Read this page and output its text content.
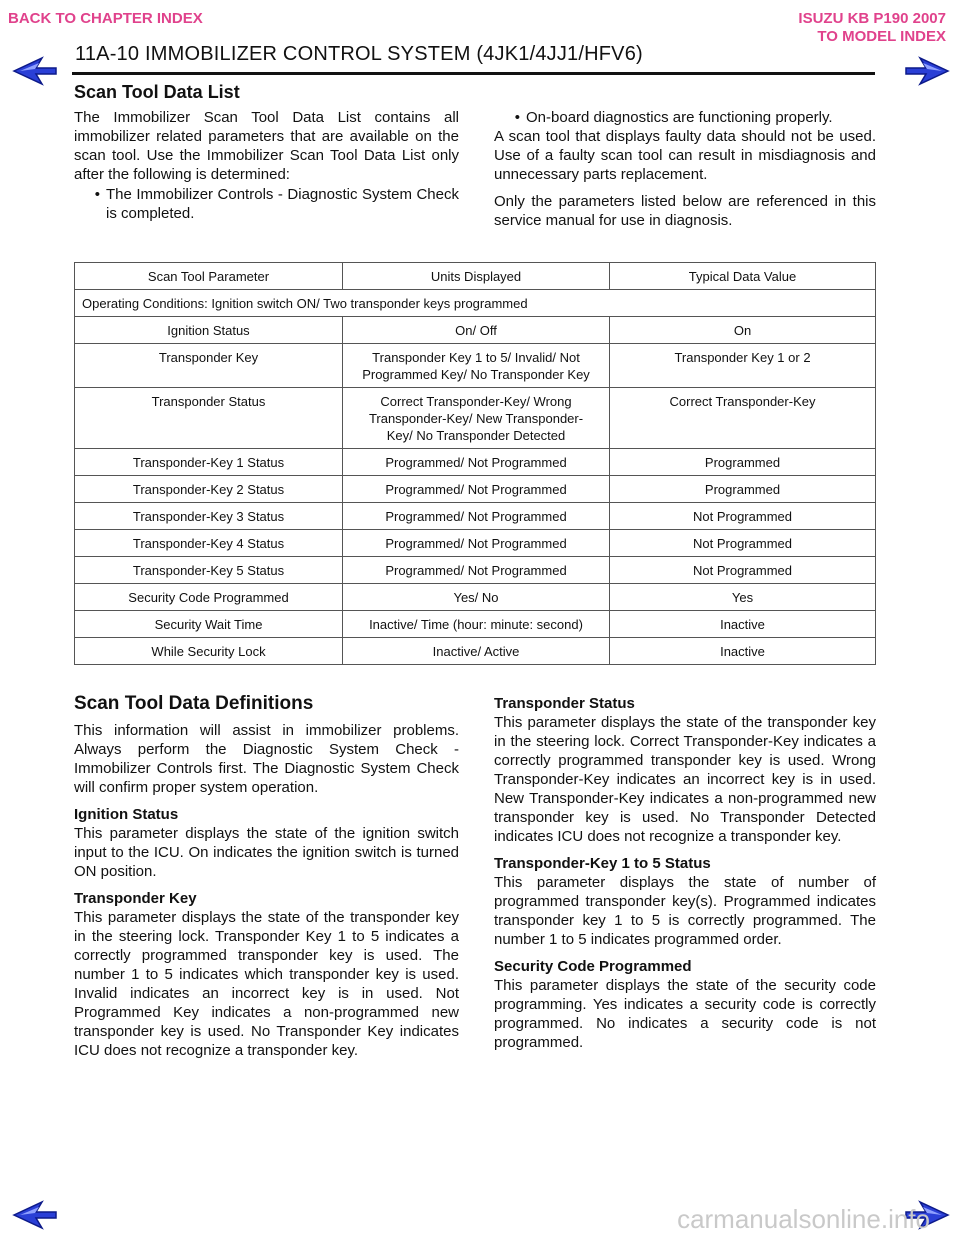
BACK TO CHAPTER INDEX	ISUZU KB P190 2007
TO MODEL INDEX
11A-10 IMMOBILIZER CONTROL SYSTEM (4JK1/4JJ1/HFV6)
Scan Tool Data List

The Immobilizer Scan Tool Data List contains all immobilizer related parameters that are available on the scan tool. Use the Immobilizer Scan Tool Data List only after the following is determined:

• The Immobilizer Controls - Diagnostic System Check is completed.

• On-board diagnostics are functioning properly.

A scan tool that displays faulty data should not be used. Use of a faulty scan tool can result in misdiagnosis and unnecessary parts replacement.

Only the parameters listed below are referenced in this service manual for use in diagnosis.

Scan Tool Parameter	Units Displayed	Typical Data Value
Operating Conditions: Ignition switch ON/ Two transponder keys programmed		
Ignition Status	On/ Off	On
Transponder Key	Transponder Key 1 to 5/ Invalid/ Not Programmed Key/ No Transponder Key	Transponder Key 1 or 2
Transponder Status	Correct Transponder-Key/ Wrong Transponder-Key/ New Transponder-Key/ No Transponder Detected	Correct Transponder-Key
Transponder-Key 1 Status	Programmed/ Not Programmed	Programmed
Transponder-Key 2 Status	Programmed/ Not Programmed	Programmed
Transponder-Key 3 Status	Programmed/ Not Programmed	Not Programmed
Transponder-Key 4 Status	Programmed/ Not Programmed	Not Programmed
Transponder-Key 5 Status	Programmed/ Not Programmed	Not Programmed
Security Code Programmed	Yes/ No	Yes
Security Wait Time	Inactive/ Time (hour: minute: second)	Inactive
While Security Lock	Inactive/ Active	Inactive
Scan Tool Data Definitions

This information will assist in immobilizer problems. Always perform the Diagnostic System Check - Immobilizer Controls first. The Diagnostic System Check will confirm proper system operation.

Ignition Status

This parameter displays the state of the ignition switch input to the ICU. On indicates the ignition switch is turned ON position.

Transponder Key

This parameter displays the state of the transponder key in the steering lock. Transponder Key 1 to 5 indicates a correctly programmed transponder key is used. The number 1 to 5 indicates which transponder key is used. Invalid indicates an incorrect key is in used. Not Programmed Key indicates a non-programmed new transponder key is used. No Transponder Key indicates ICU does not recognize a transponder key.

Transponder Status

This parameter displays the state of the transponder key in the steering lock. Correct Transponder-Key indicates a correctly programmed transponder key is used. Wrong Transponder-Key indicates an incorrect key is in used. New Transponder-Key indicates a non-programmed new transponder key is used. No Transponder Detected indicates ICU does not recognize a transponder key.

Transponder-Key 1 to 5 Status

This parameter displays the state of number of programmed transponder key(s). Programmed indicates transponder key 1 to 5 is correctly programmed. The number 1 to 5 indicates programmed order.

Security Code Programmed

This parameter displays the state of the security code programming. Yes indicates a security code is correctly programmed. No indicates a security code is not programmed.

carmanualsonline.info
